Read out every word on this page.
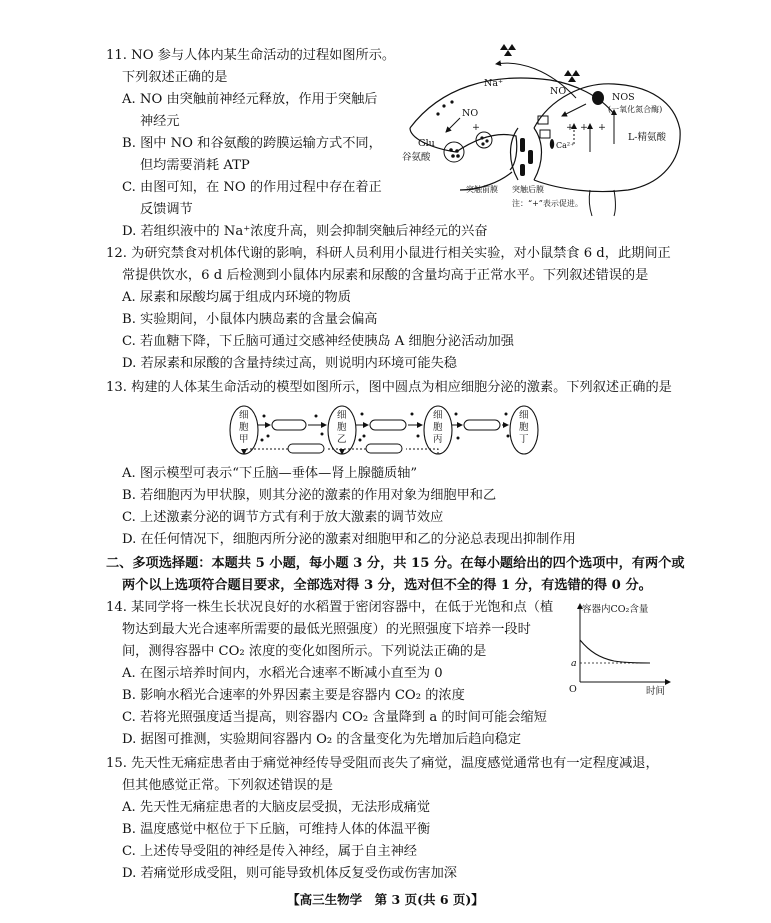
11. NO 参与人体内某生命活动的过程如图所示。
下列叙述正确的是
A. NO 由突触前神经元释放，作用于突触后
神经元
B. 图中 NO 和谷氨酸的跨膜运输方式不同，
但均需要消耗 ATP
C. 由图可知，在 NO 的作用过程中存在着正
反馈调节
D. 若组织液中的 Na⁺浓度升高，则会抑制突触后神经元的兴奋
Na⁺
NO
NO
NOS
(一氧化氮合酶)
Glu
谷氨酸
Ca²⁺
L-精氨酸
突触前膜 突触后膜
注：“+”表示促进。
+	+ + +
12. 为研究禁食对机体代谢的影响，科研人员利用小鼠进行相关实验，对小鼠禁食 6 d，此期间正
常提供饮水，6 d 后检测到小鼠体内尿素和尿酸的含量均高于正常水平。下列叙述错误的是
A. 尿素和尿酸均属于组成内环境的物质
B. 实验期间，小鼠体内胰岛素的含量会偏高
C. 若血糖下降，下丘脑可通过交感神经使胰岛 A 细胞分泌活动加强
D. 若尿素和尿酸的含量持续过高，则说明内环境可能失稳
13. 构建的人体某生命活动的模型如图所示，图中圆点为相应细胞分泌的激素。下列叙述正确的是
细胞甲
细胞乙
细胞丙
细胞丁
A. 图示模型可表示“下丘脑—垂体—肾上腺髓质轴”
B. 若细胞丙为甲状腺，则其分泌的激素的作用对象为细胞甲和乙
C. 上述激素分泌的调节方式有利于放大激素的调节效应
D. 在任何情况下，细胞丙所分泌的激素对细胞甲和乙的分泌总表现出抑制作用
二、多项选择题：本题共 5 小题，每小题 3 分，共 15 分。在每小题给出的四个选项中，有两个或
两个以上选项符合题目要求，全部选对得 3 分，选对但不全的得 1 分，有选错的得 0 分。
14. 某同学将一株生长状况良好的水稻置于密闭容器中，在低于光饱和点（植
物达到最大光合速率所需要的最低光照强度）的光照强度下培养一段时
间，测得容器中 CO₂ 浓度的变化如图所示。下列说法正确的是
A. 在图示培养时间内，水稻光合速率不断减小直至为 0
B. 影响水稻光合速率的外界因素主要是容器内 CO₂ 的浓度
C. 若将光照强度适当提高，则容器内 CO₂ 含量降到 a 的时间可能会缩短
D. 据图可推测，实验期间容器内 O₂ 的含量变化为先增加后趋向稳定
容器内CO₂含量
时间
O
a
15. 先天性无痛症患者由于痛觉神经传导受阻而丧失了痛觉，温度感觉通常也有一定程度减退，
但其他感觉正常。下列叙述错误的是
A. 先天性无痛症患者的大脑皮层受损，无法形成痛觉
B. 温度感觉中枢位于下丘脑，可维持人体的体温平衡
C. 上述传导受阻的神经是传入神经，属于自主神经
D. 若痛觉形成受阻，则可能导致机体反复受伤或伤害加深
【高三生物学　第 3 页(共 6 页)】
